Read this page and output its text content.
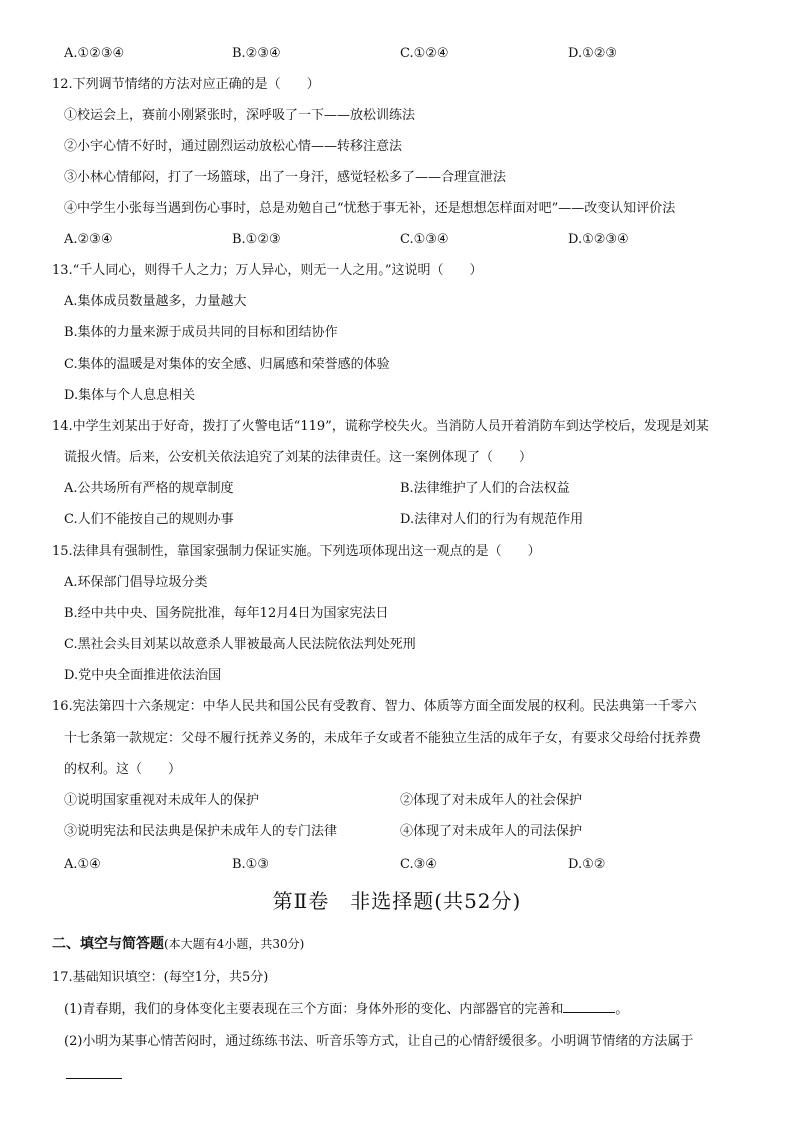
A.①②③④	B.②③④	C.①②④	D.①②③
12.下列调节情绪的方法对应正确的是（　　）
①校运会上，赛前小刚紧张时，深呼吸了一下——放松训练法
②小宇心情不好时，通过剧烈运动放松心情——转移注意法
③小林心情郁闷，打了一场篮球，出了一身汗，感觉轻松多了——合理宣泄法
④中学生小张每当遇到伤心事时，总是劝勉自己“忧愁于事无补，还是想想怎样面对吧”——改变认知评价法
A.②③④	B.①②③	C.①③④	D.①②③④
13.“千人同心，则得千人之力；万人异心，则无一人之用。”这说明（　　）
A.集体成员数量越多，力量越大
B.集体的力量来源于成员共同的目标和团结协作
C.集体的温暖是对集体的安全感、归属感和荣誉感的体验
D.集体与个人息息相关
14.中学生刘某出于好奇，拨打了火警电话“119”，谎称学校失火。当消防人员开着消防车到达学校后，发现是刘某
谎报火情。后来，公安机关依法追究了刘某的法律责任。这一案例体现了（　　）
A.公共场所有严格的规章制度	B.法律维护了人们的合法权益
C.人们不能按自己的规则办事	D.法律对人们的行为有规范作用
15.法律具有强制性，靠国家强制力保证实施。下列选项体现出这一观点的是（　　）
A.环保部门倡导垃圾分类
B.经中共中央、国务院批准，每年12月4日为国家宪法日
C.黑社会头目刘某以故意杀人罪被最高人民法院依法判处死刑
D.党中央全面推进依法治国
16.宪法第四十六条规定：中华人民共和国公民有受教育、智力、体质等方面全面发展的权利。民法典第一千零六
十七条第一款规定：父母不履行抚养义务的，未成年子女或者不能独立生活的成年子女，有要求父母给付抚养费
的权利。这（　　）
①说明国家重视对未成年人的保护	②体现了对未成年人的社会保护
③说明宪法和民法典是保护未成年人的专门法律	④体现了对未成年人的司法保护
A.①④	B.①③	C.③④	D.①②
第Ⅱ卷　非选择题(共52分)
二、填空与简答题(本大题有4小题，共30分)
17.基础知识填空：(每空1分，共5分)
(1)青春期，我们的身体变化主要表现在三个方面：身体外形的变化、内部器官的完善和	。
(2)小明为某事心情苦闷时，通过练练书法、听音乐等方式，让自己的心情舒缓很多。小明调节情绪的方法属于
